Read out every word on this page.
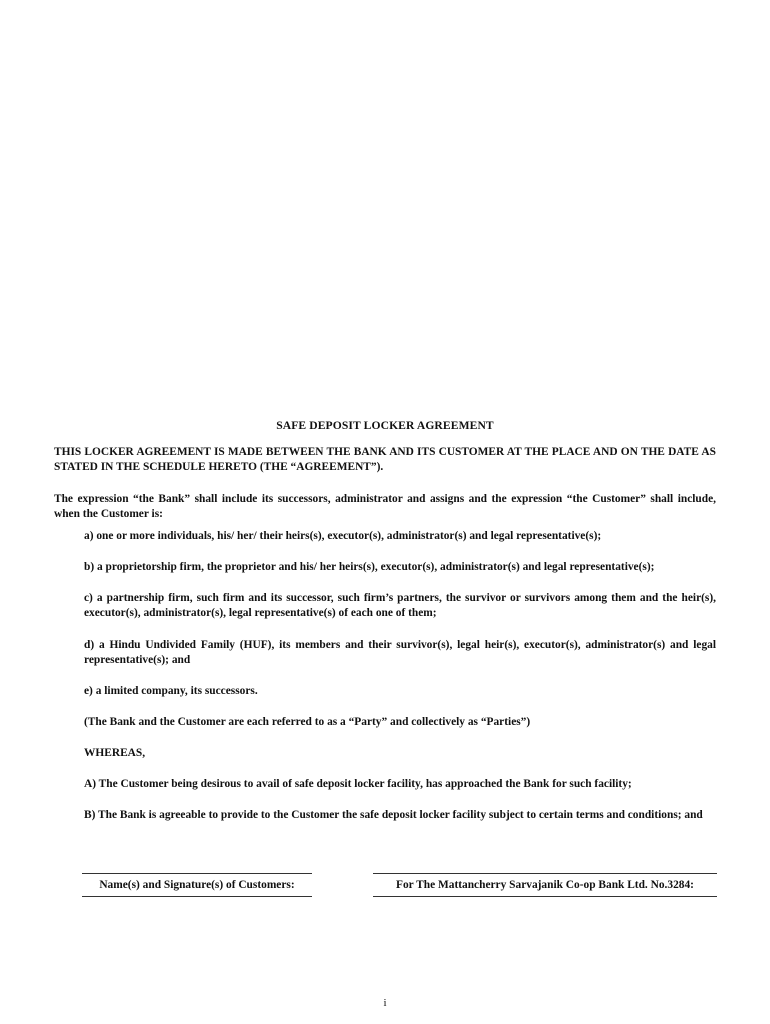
SAFE DEPOSIT LOCKER AGREEMENT
THIS LOCKER AGREEMENT IS MADE BETWEEN THE BANK AND ITS CUSTOMER AT THE PLACE AND ON THE DATE AS STATED IN THE SCHEDULE HERETO (THE “AGREEMENT”).
The expression “the Bank” shall include its successors, administrator and assigns and the expression “the Customer” shall include, when the Customer is:
a) one or more individuals, his/ her/ their heirs(s), executor(s), administrator(s) and legal representative(s);
b) a proprietorship firm, the proprietor and his/ her heirs(s), executor(s), administrator(s) and legal representative(s);
c) a partnership firm, such firm and its successor, such firm’s partners, the survivor or survivors among them and the heir(s), executor(s), administrator(s), legal representative(s) of each one of them;
d) a Hindu Undivided Family (HUF), its members and their survivor(s), legal heir(s), executor(s), administrator(s) and legal representative(s); and
e) a limited company, its successors.
(The Bank and the Customer are each referred to as a “Party” and collectively as “Parties”)
WHEREAS,
A) The Customer being desirous to avail of safe deposit locker facility, has approached the Bank for such facility;
B) The Bank is agreeable to provide to the Customer the safe deposit locker facility subject to certain terms and conditions; and
Name(s) and Signature(s) of Customers:	For The Mattancherry Sarvajanik Co-op Bank Ltd. No.3284:
i
